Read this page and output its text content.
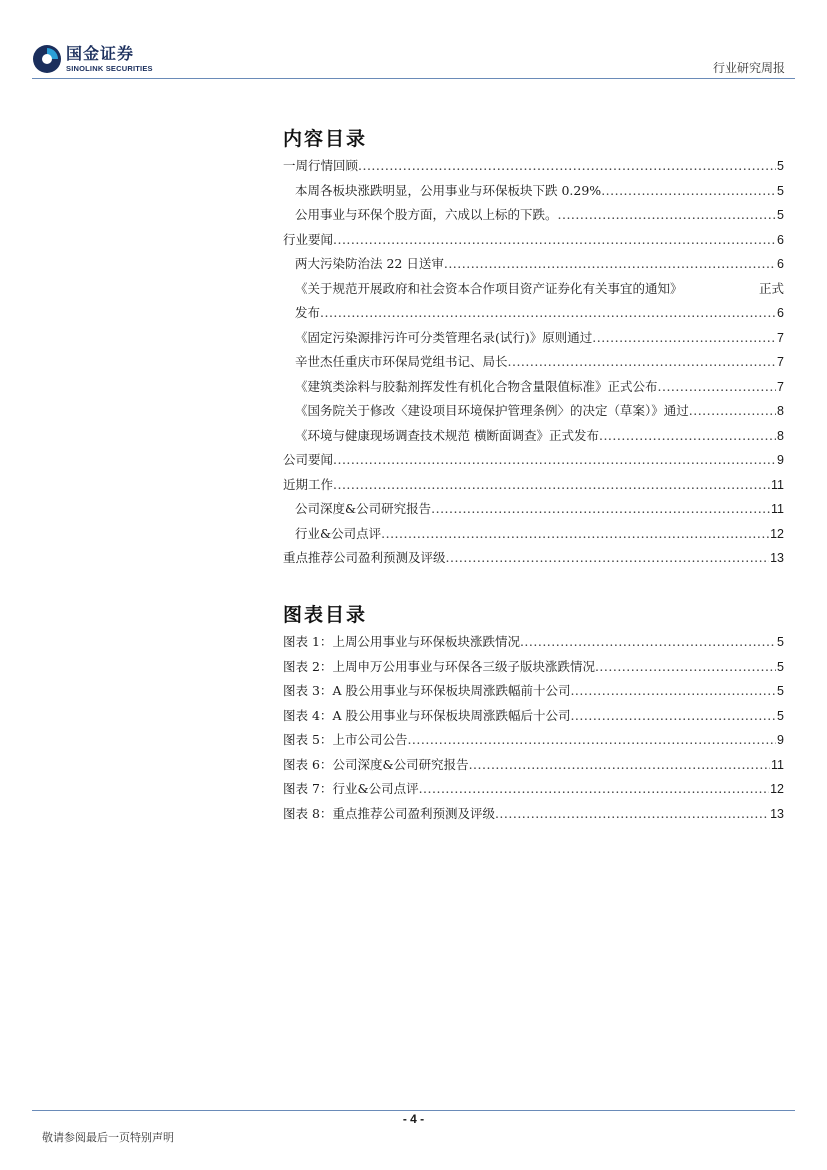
国金证券
SINOLINK SECURITIES	行业研究周报
内容目录
一周行情回顾 .....	5
本周各板块涨跌明显，公用事业与环保板块下跌 0.29% .....	5
公用事业与环保个股方面，六成以上标的下跌。 .....	5
行业要闻 .....	6
两大污染防治法 22 日送审 .....	6
《关于规范开展政府和社会资本合作项目资产证券化有关事宜的通知》	正式
发布 .....	6
《固定污染源排污许可分类管理名录(试行)》原则通过 .....	7
辛世杰任重庆市环保局党组书记、局长 .....	7
《建筑类涂料与胶黏剂挥发性有机化合物含量限值标准》正式公布 .....	7
《国务院关于修改〈建设项目环境保护管理条例〉的决定（草案）》通过 .....	8
《环境与健康现场调查技术规范 横断面调查》正式发布 .....	8
公司要闻 .....	9
近期工作 .....	11
公司深度&公司研究报告 .....	11
行业&公司点评 .....	12
重点推荐公司盈利预测及评级 .....	13
图表目录
图表 1：上周公用事业与环保板块涨跌情况 .....	5
图表 2：上周申万公用事业与环保各三级子版块涨跌情况 .....	5
图表 3：A 股公用事业与环保板块周涨跌幅前十公司 .....	5
图表 4：A 股公用事业与环保板块周涨跌幅后十公司 .....	5
图表 5：上市公司公告 .....	9
图表 6：公司深度&公司研究报告 .....	11
图表 7：行业&公司点评 .....	12
图表 8：重点推荐公司盈利预测及评级 .....	13
- 4 -
敬请参阅最后一页特别声明
